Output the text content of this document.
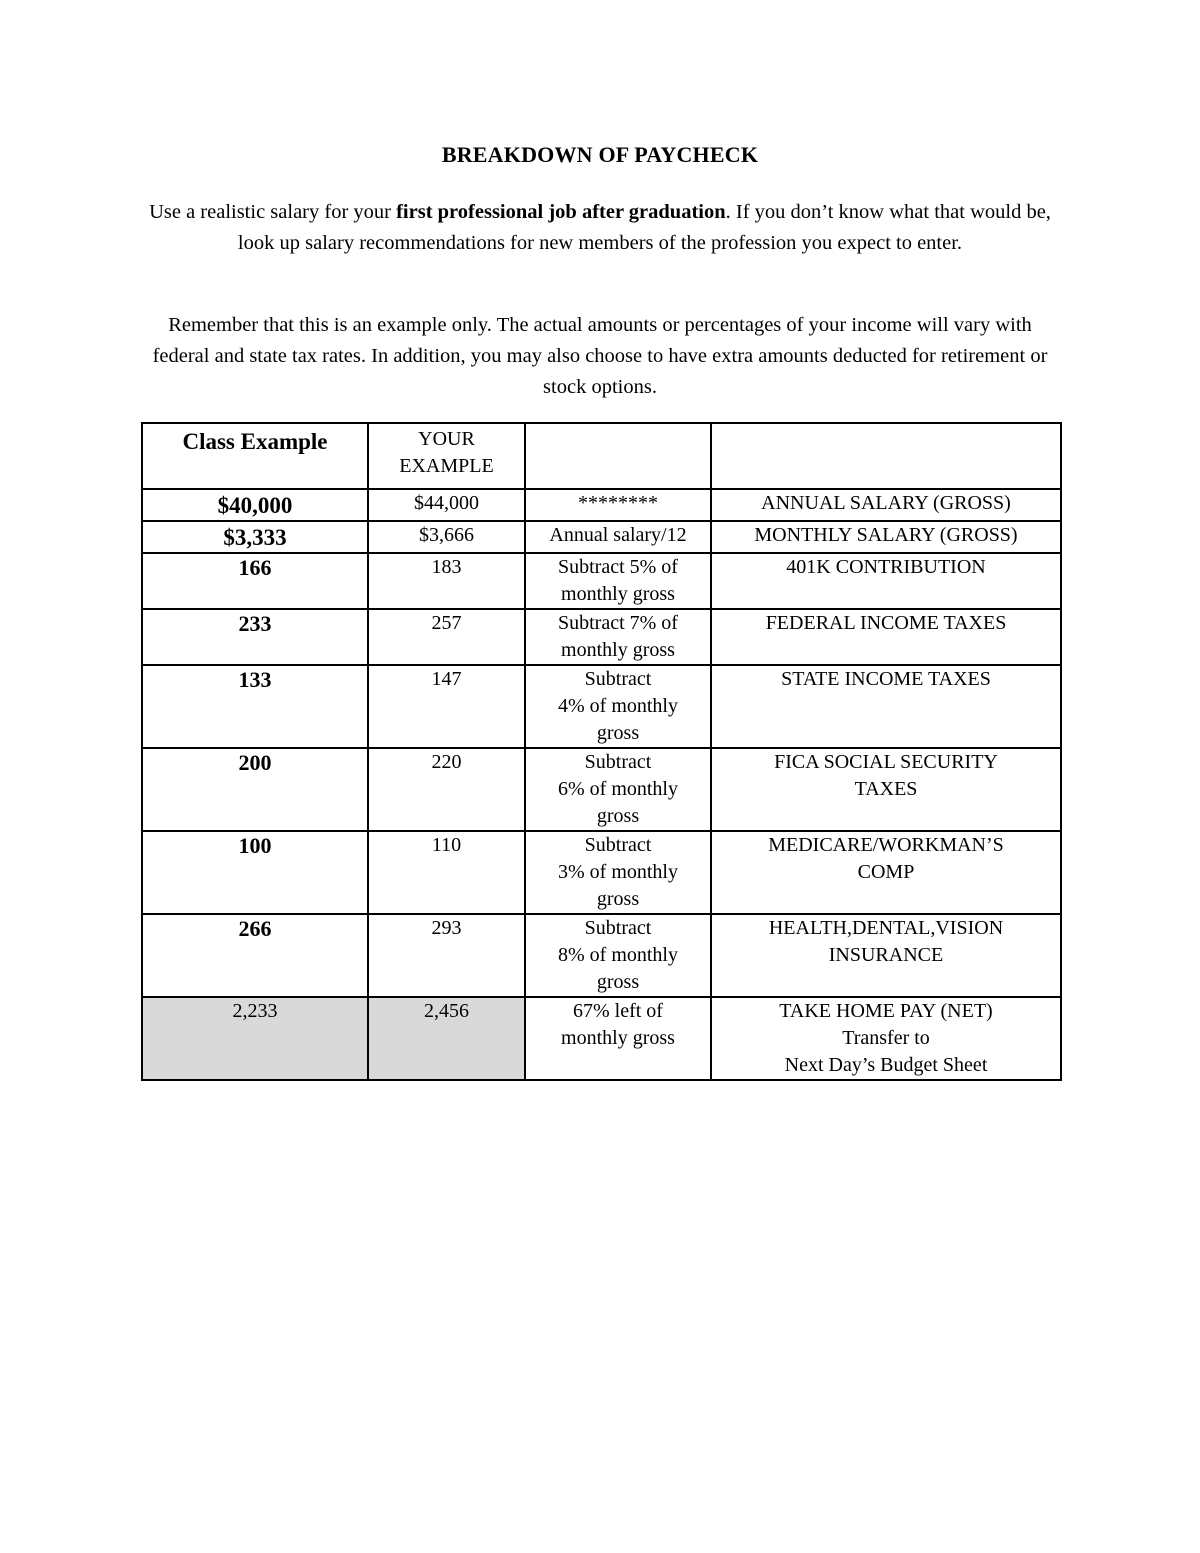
BREAKDOWN OF PAYCHECK
Use a realistic salary for your first professional job after graduation. If you don’t know what that would be, look up salary recommendations for new members of the profession you expect to enter.
Remember that this is an example only. The actual amounts or percentages of your income will vary with federal and state tax rates. In addition, you may also choose to have extra amounts deducted for retirement or stock options.
Class Example	YOUR
EXAMPLE		

$40,000	$44,000	********	ANNUAL SALARY (GROSS)

$3,333	$3,666	Annual salary/12	MONTHLY SALARY (GROSS)

166	183	Subtract 5% of
monthly gross	401K CONTRIBUTION

233	257	Subtract 7% of
monthly gross	FEDERAL INCOME TAXES

133	147	Subtract
4% of monthly
gross	STATE INCOME TAXES

200	220	Subtract
6% of monthly
gross	FICA SOCIAL SECURITY
TAXES

100	110	Subtract
3% of monthly
gross	MEDICARE/WORKMAN’S
COMP

266	293	Subtract
8% of monthly
gross	HEALTH,DENTAL,VISION
INSURANCE

2,233	2,456	67% left of
monthly gross	TAKE HOME PAY (NET)
Transfer to
Next Day’s Budget Sheet
